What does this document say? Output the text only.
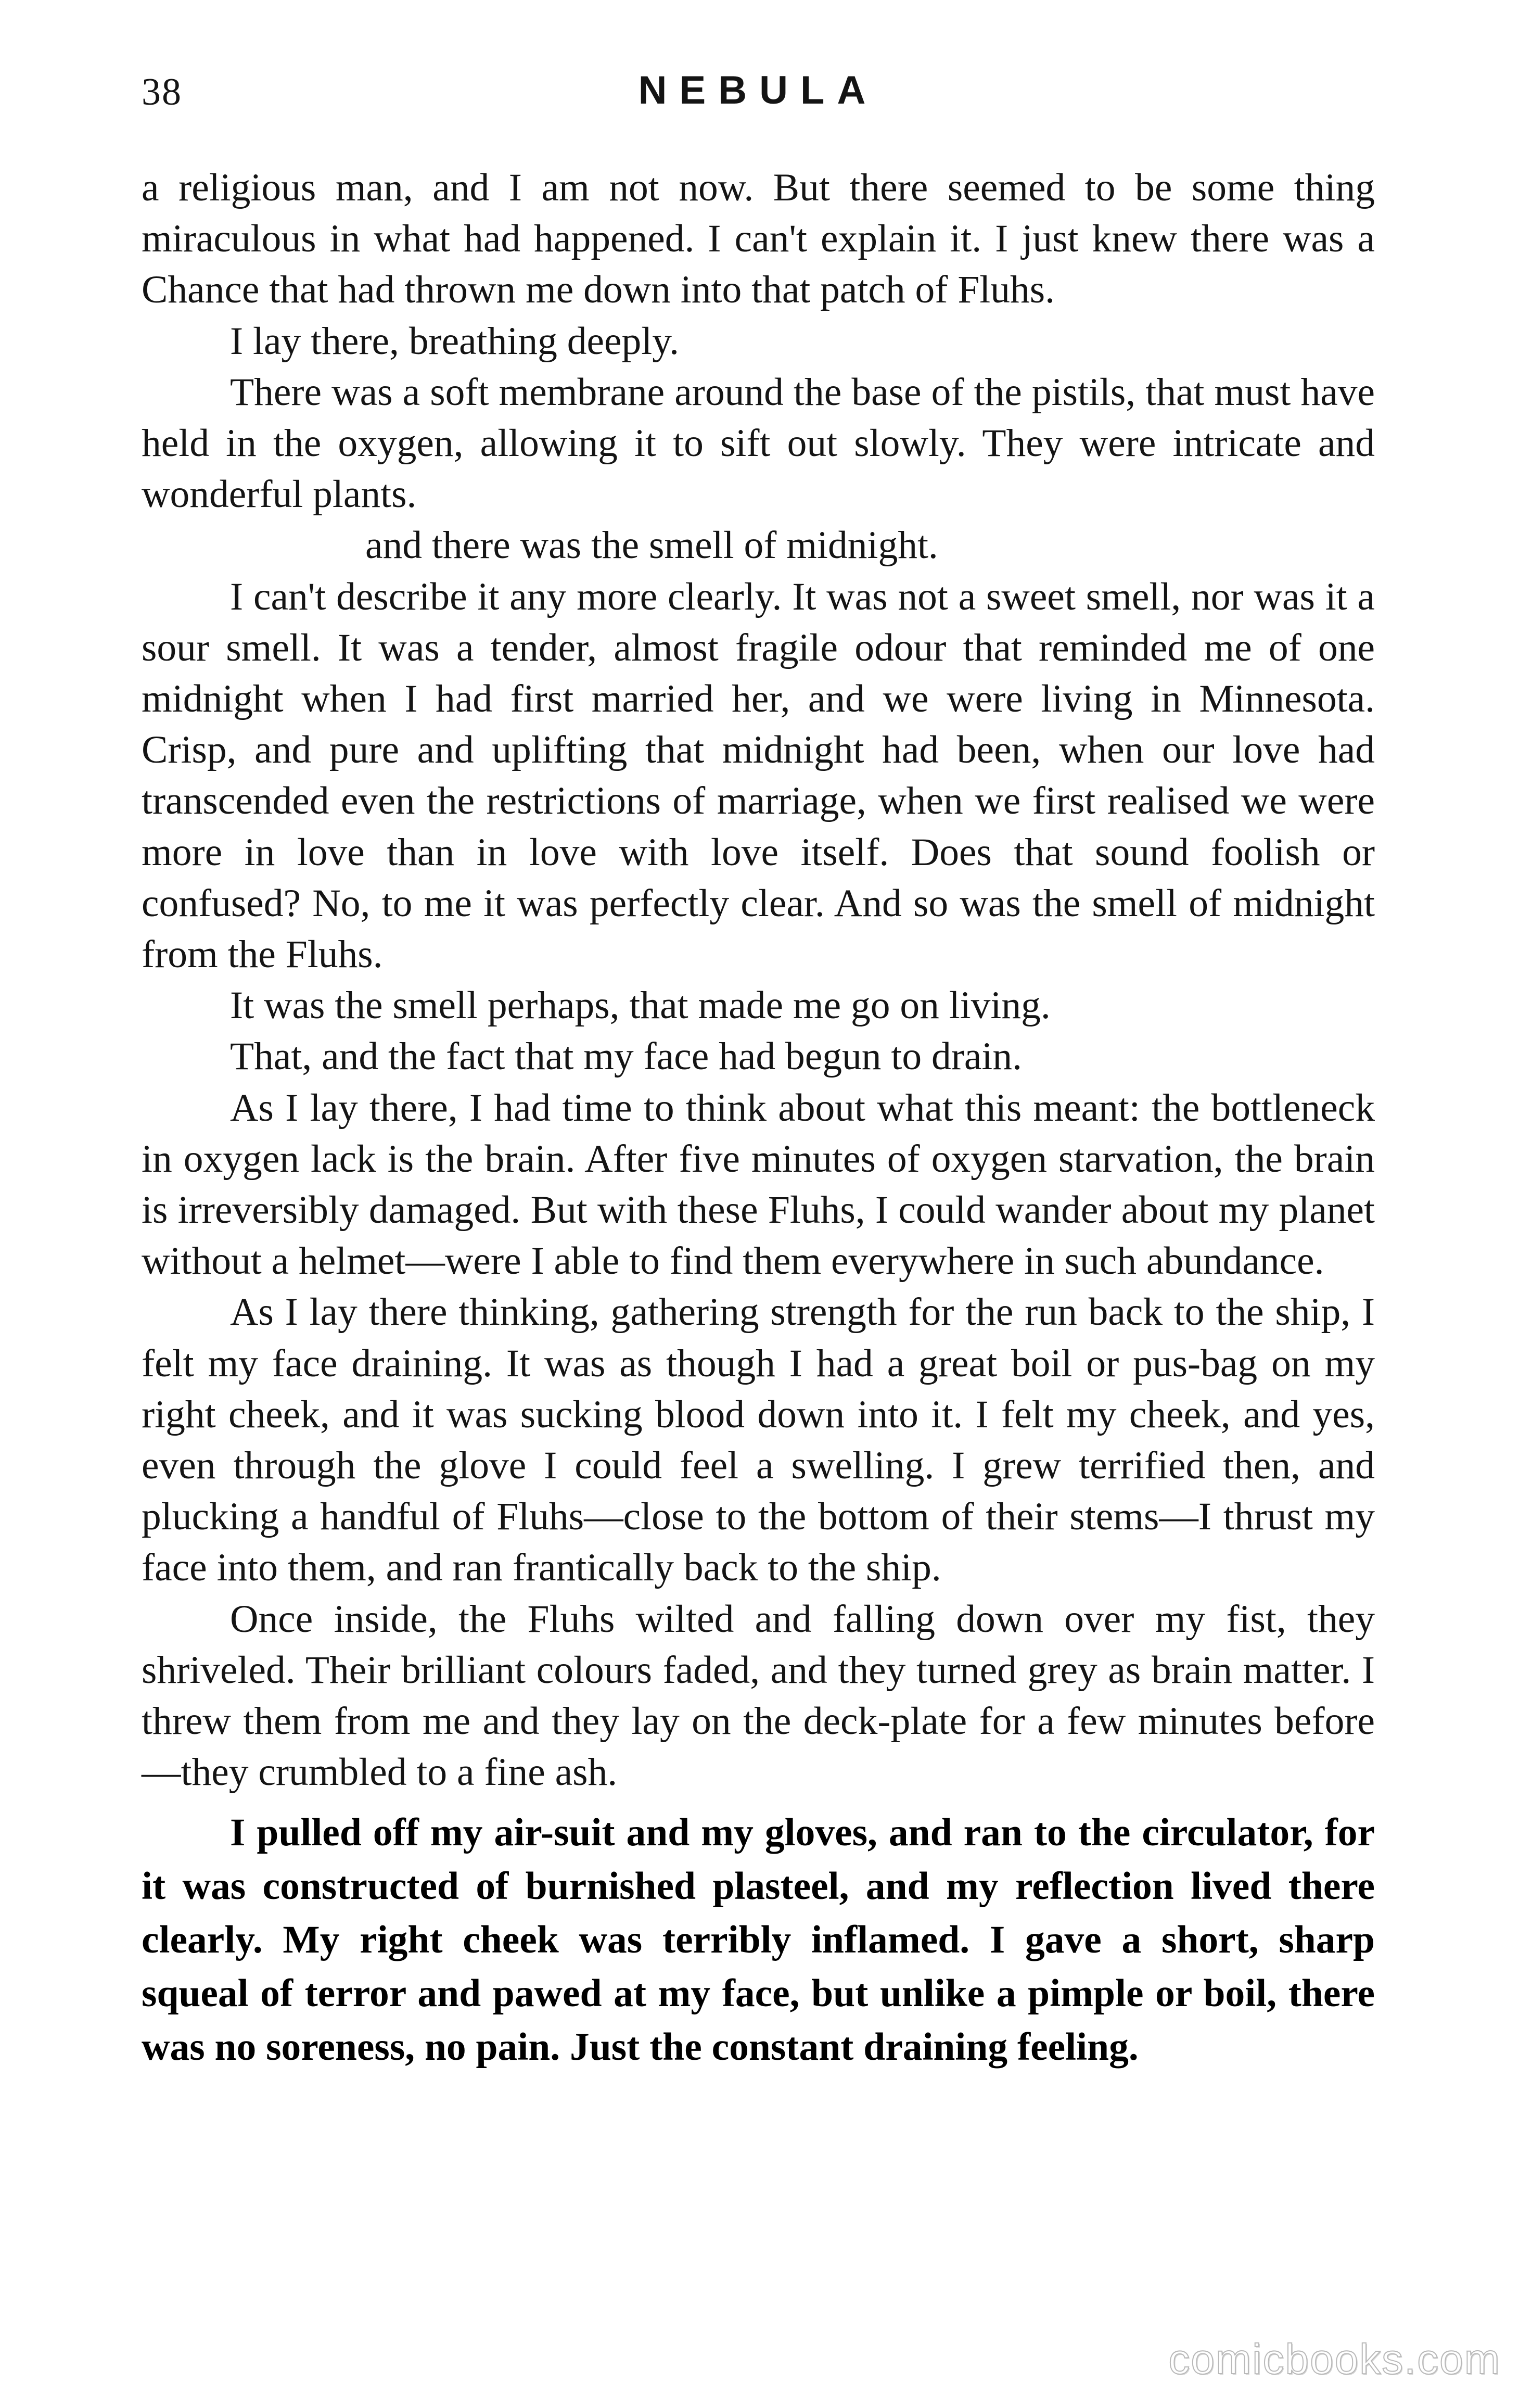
38	NEBULA

a religious man, and I am not now. But there seemed to be some thing miraculous in what had happened. I can't explain it. I just knew there was a Chance that had thrown me down into that patch of Fluhs.

I lay there, breathing deeply.

There was a soft membrane around the base of the pistils, that must have held in the oxygen, allowing it to sift out slowly. They were intricate and wonderful plants.

and there was the smell of midnight.

I can't describe it any more clearly. It was not a sweet smell, nor was it a sour smell. It was a tender, almost fragile odour that reminded me of one midnight when I had first married her, and we were living in Minnesota. Crisp, and pure and uplifting that midnight had been, when our love had transcended even the restrictions of marriage, when we first realised we were more in love than in love with love itself. Does that sound foolish or confused? No, to me it was perfectly clear. And so was the smell of midnight from the Fluhs.

It was the smell perhaps, that made me go on living.

That, and the fact that my face had begun to drain.

As I lay there, I had time to think about what this meant: the bottleneck in oxygen lack is the brain. After five minutes of oxygen starvation, the brain is irreversibly damaged. But with these Fluhs, I could wander about my planet without a helmet—were I able to find them everywhere in such abundance.

As I lay there thinking, gathering strength for the run back to the ship, I felt my face draining. It was as though I had a great boil or pus-bag on my right cheek, and it was sucking blood down into it. I felt my cheek, and yes, even through the glove I could feel a swelling. I grew terrified then, and plucking a handful of Fluhs—close to the bottom of their stems—I thrust my face into them, and ran frantically back to the ship.

Once inside, the Fluhs wilted and falling down over my fist, they shriveled. Their brilliant colours faded, and they turned grey as brain matter. I threw them from me and they lay on the deck-plate for a few minutes before—they crumbled to a fine ash.

I pulled off my air-suit and my gloves, and ran to the circulator, for it was constructed of burnished plasteel, and my reflection lived there clearly. My right cheek was terribly inflamed. I gave a short, sharp squeal of terror and pawed at my face, but unlike a pimple or boil, there was no soreness, no pain. Just the constant draining feeling.

comicbooks.com
